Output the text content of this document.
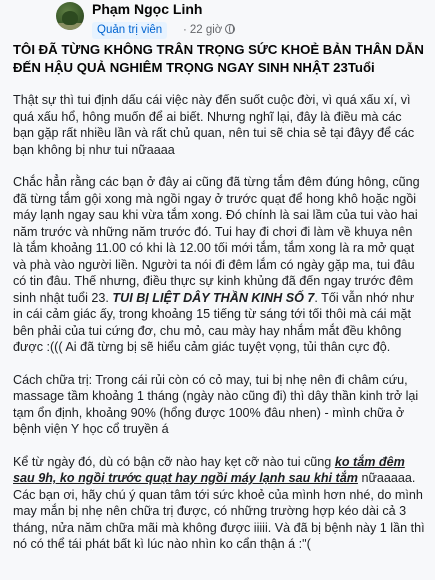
Phạm Ngọc Linh
Quản trị viên	· 22 giờ

TÔI ĐÃ TỪNG KHÔNG TRÂN TRỌNG SỨC KHOẺ BẢN THÂN DẪN ĐẾN HẬU QUẢ NGHIÊM TRỌNG NGAY SINH NHẬT 23Tuổi

Thật sự thì tui định dấu cái việc này đến suốt cuộc đời, vì quá xấu xí, vì quá xấu hổ, hông muốn để ai biết. Nhưng nghĩ lại, đây là điều mà các bạn gặp rất nhiều lần và rất chủ quan, nên tui sẽ chia sẻ tại đâyy để các bạn không bị như tui nữaaaa

Chắc hẳn rằng các bạn ở đây ai cũng đã từng tắm đêm đúng hông, cũng đã từng tắm gội xong mà ngồi ngay ở trước quạt để hong khô hoặc ngồi máy lạnh ngay sau khi vừa tắm xong. Đó chính là sai lầm của tui vào hai năm trước và những năm trước đó. Tui hay đi chơi đi làm về khuya nên là tắm khoảng 11.00 có khi là 12.00 tối mới tắm, tắm xong là ra mở quạt và phà vào người liền. Người ta nói đi đêm lắm có ngày gặp ma, tui đâu có tin đâu. Thế nhưng, điều thực sự kinh khủng đã đến ngay trước đêm sinh nhật tuổi 23. TUI BỊ LIỆT DÂY THẦN KINH SỐ 7. Tối vẫn nhớ như in cái cảm giác ấy, trong khoảng 15 tiếng từ sáng tới tối thôi mà cái mặt bên phải của tui cứng đơ, chu mỏ, cau mày hay nhắm mắt đều không được :((( Ai đã từng bị sẽ hiểu cảm giác tuyệt vọng, tủi thân cực độ.

Cách chữa trị: Trong cái rủi còn có cỏ may, tui bị nhẹ nên đi châm cứu, massage tầm khoảng 1 tháng (ngày nào cũng đi) thì dây thần kinh trở lại tạm ổn định, khoảng 90% (hổng được 100% đâu nhen) - mình chữa ở bệnh viện Y học cổ truyền á

Kể từ ngày đó, dù có bận cỡ nào hay kẹt cỡ nào tui cũng ko tắm đêm sau 9h, ko ngồi trước quạt hay ngồi máy lạnh sau khi tắm nữaaaaa. Các bạn ơi, hãy chú ý quan tâm tới sức khoẻ của mình hơn nhé, do mình may mắn bị nhẹ nên chữa trị được, có những trường hợp kéo dài cả 3 tháng, nửa năm chữa mãi mà không được iiiii. Và đã bị bệnh này 1 lần thì nó có thể tái phát bất kì lúc nào nhìn ko cẩn thận á :"(
